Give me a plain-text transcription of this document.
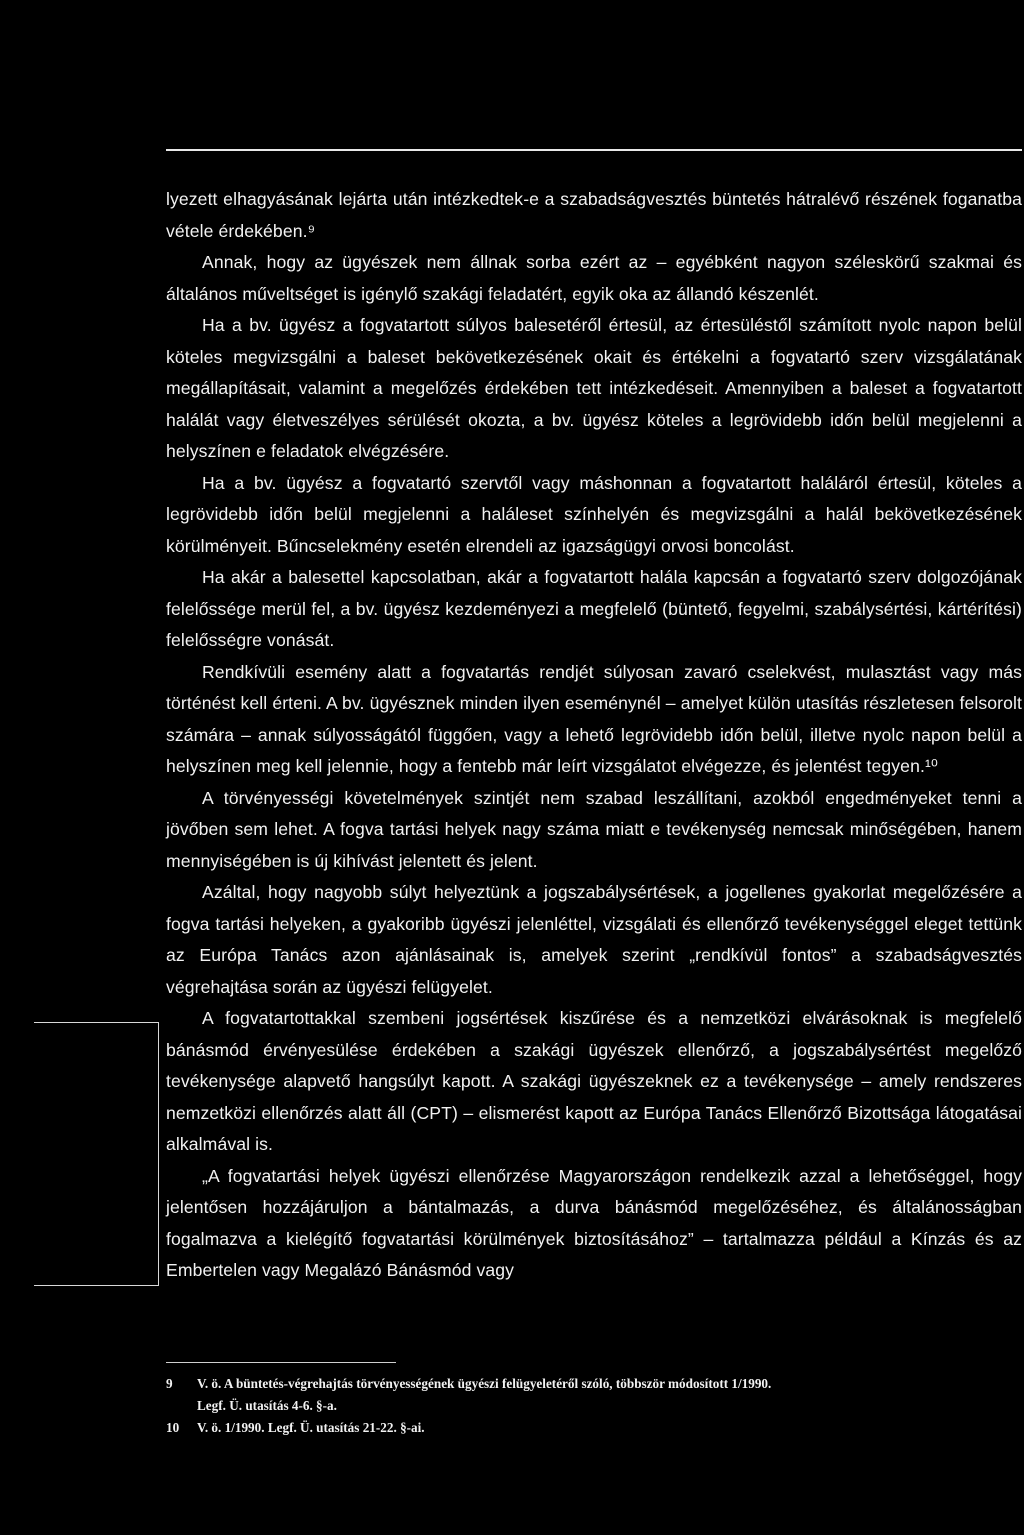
lyezett elhagyásának lejárta után intézkedtek-e a szabadságvesztés büntetés hátralévő részének foganatba vétele érdekében.⁹

Annak, hogy az ügyészek nem állnak sorba ezért az – egyébként nagyon széleskörű szakmai és általános műveltséget is igénylő szakági feladatért, egyik oka az állandó készenlét.

Ha a bv. ügyész a fogvatartott súlyos balesetéről értesül, az értesüléstől számított nyolc napon belül köteles megvizsgálni a baleset bekövetkezésének okait és értékelni a fogvatartó szerv vizsgálatának megállapításait, valamint a megelőzés érdekében tett intézkedéseit. Amennyiben a baleset a fogvatartott halálát vagy életveszélyes sérülését okozta, a bv. ügyész köteles a legrövidebb időn belül megjelenni a helyszínen e feladatok elvégzésére.

Ha a bv. ügyész a fogvatartó szervtől vagy máshonnan a fogvatartott haláláról értesül, köteles a legrövidebb időn belül megjelenni a haláleset színhelyén és megvizsgálni a halál bekövetkezésének körülményeit. Bűncselekmény esetén elrendeli az igazságügyi orvosi boncolást.

Ha akár a balesettel kapcsolatban, akár a fogvatartott halála kapcsán a fogvatartó szerv dolgozójának felelőssége merül fel, a bv. ügyész kezdeményezi a megfelelő (büntető, fegyelmi, szabálysértési, kártérítési) felelősségre vonását.

Rendkívüli esemény alatt a fogvatartás rendjét súlyosan zavaró cselekvést, mulasztást vagy más történést kell érteni. A bv. ügyésznek minden ilyen eseménynél – amelyet külön utasítás részletesen felsorolt számára – annak súlyosságától függően, vagy a lehető legrövidebb időn belül, illetve nyolc napon belül a helyszínen meg kell jelennie, hogy a fentebb már leírt vizsgálatot elvégezze, és jelentést tegyen.¹⁰

A törvényességi követelmények szintjét nem szabad leszállítani, azokból engedményeket tenni a jövőben sem lehet. A fogva tartási helyek nagy száma miatt e tevékenység nemcsak minőségében, hanem mennyiségében is új kihívást jelentett és jelent.

Azáltal, hogy nagyobb súlyt helyeztünk a jogszabálysértések, a jogellenes gyakorlat megelőzésére a fogva tartási helyeken, a gyakoribb ügyészi jelenléttel, vizsgálati és ellenőrző tevékenységgel eleget tettünk az Európa Tanács azon ajánlásainak is, amelyek szerint „rendkívül fontos” a szabadságvesztés végrehajtása során az ügyészi felügyelet.

A fogvatartottakkal szembeni jogsértések kiszűrése és a nemzetközi elvárásoknak is megfelelő bánásmód érvényesülése érdekében a szakági ügyészek ellenőrző, a jogszabálysértést megelőző tevékenysége alapvető hangsúlyt kapott. A szakági ügyészeknek ez a tevékenysége – amely rendszeres nemzetközi ellenőrzés alatt áll (CPT) – elismerést kapott az Európa Tanács Ellenőrző Bizottsága látogatásai alkalmával is.

„A fogvatartási helyek ügyészi ellenőrzése Magyarországon rendelkezik azzal a lehetőséggel, hogy jelentősen hozzájáruljon a bántalmazás, a durva bánásmód megelőzéséhez, és általánosságban fogalmazva a kielégítő fogvatartási körülmények biztosításához” – tartalmazza például a Kínzás és az Embertelen vagy Megalázó Bánásmód vagy

9 V. ö. A büntetés-végrehajtás törvényességének ügyészi felügyeletéről szóló, többször módosított 1/1990.
Legf. Ü. utasítás 4-6. §-a.
10 V. ö. 1/1990. Legf. Ü. utasítás 21-22. §-ai.
